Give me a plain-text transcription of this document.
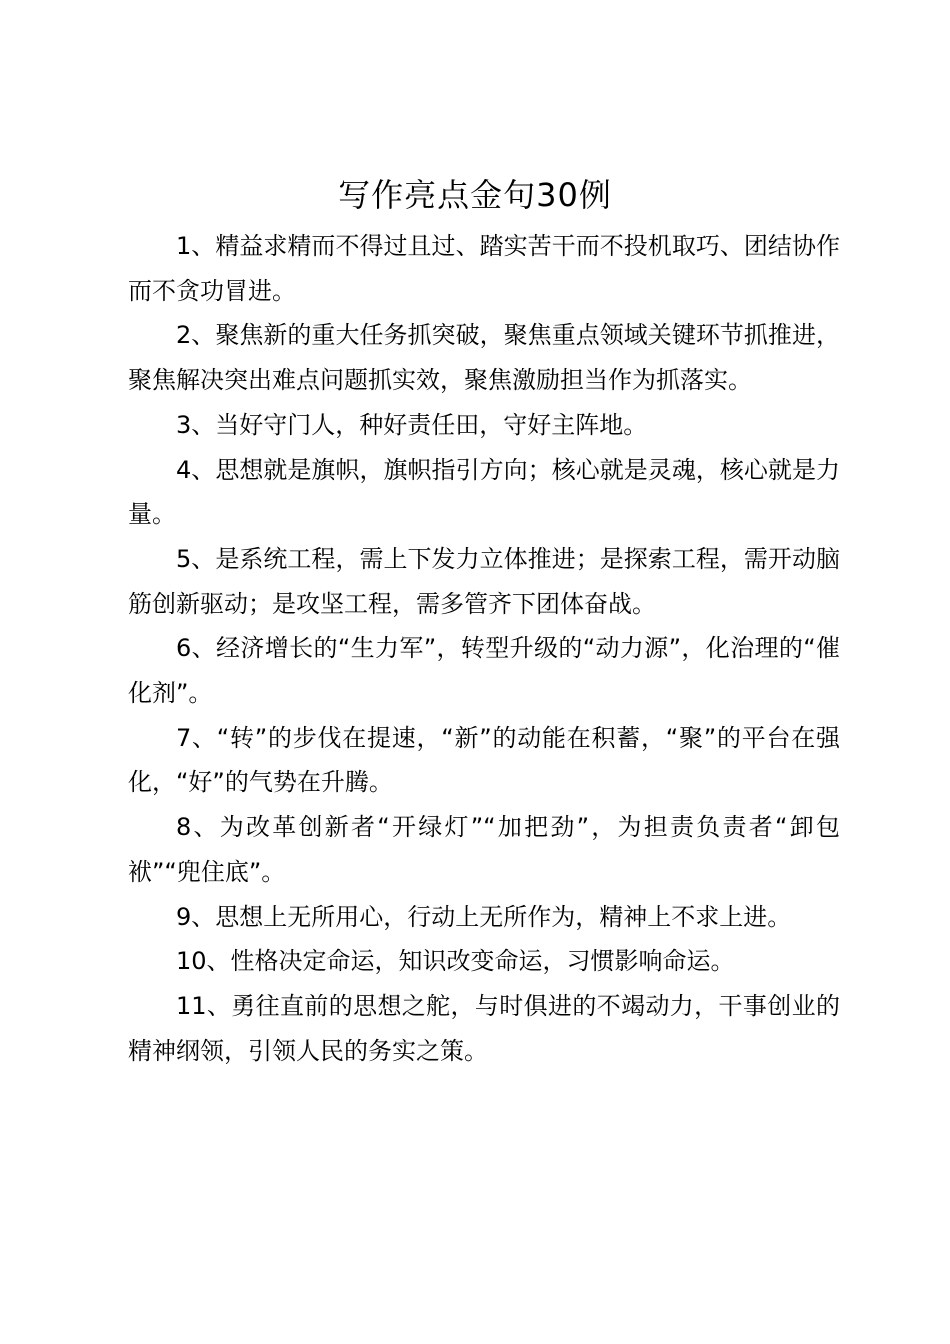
写作亮点金句30例

1、精益求精而不得过且过、踏实苦干而不投机取巧、团结协作而不贪功冒进。

2、聚焦新的重大任务抓突破，聚焦重点领域关键环节抓推进，聚焦解决突出难点问题抓实效，聚焦激励担当作为抓落实。

3、当好守门人，种好责任田，守好主阵地。

4、思想就是旗帜，旗帜指引方向；核心就是灵魂，核心就是力量。

5、是系统工程，需上下发力立体推进；是探索工程，需开动脑筋创新驱动；是攻坚工程，需多管齐下团体奋战。

6、经济增长的“生力军”，转型升级的“动力源”，化治理的“催化剂”。

7、“转”的步伐在提速，“新”的动能在积蓄，“聚”的平台在强化，“好”的气势在升腾。

8、为改革创新者“开绿灯”“加把劲”，为担责负责者“卸包袱”“兜住底”。

9、思想上无所用心，行动上无所作为，精神上不求上进。

10、性格决定命运，知识改变命运，习惯影响命运。

11、勇往直前的思想之舵，与时俱进的不竭动力，干事创业的精神纲领，引领人民的务实之策。
